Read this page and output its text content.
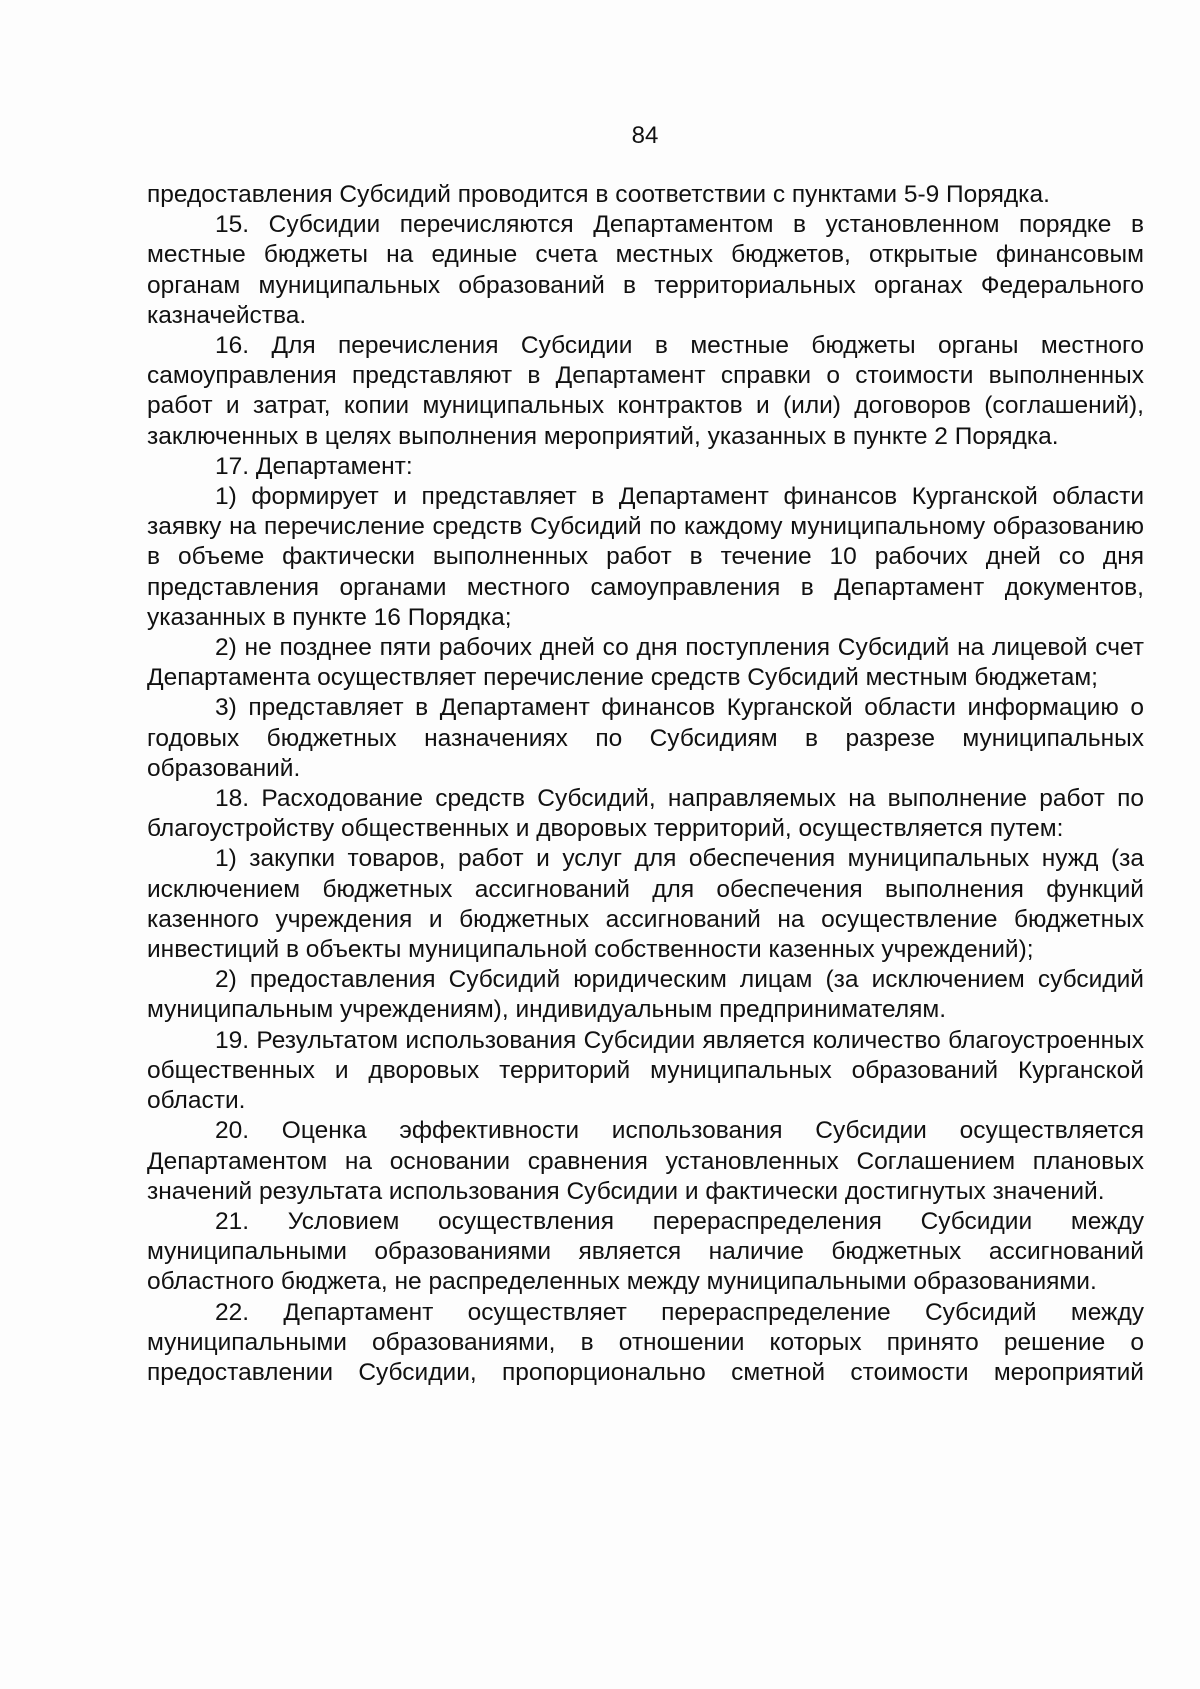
84

предоставления Субсидий проводится в соответствии с пунктами 5-9 Порядка.

15. Субсидии перечисляются Департаментом в установленном порядке в местные бюджеты на единые счета местных бюджетов, открытые финансовым органам муниципальных образований в территориальных органах Федерального казначейства.

16. Для перечисления Субсидии в местные бюджеты органы местного самоуправления представляют в Департамент справки о стоимости выполненных работ и затрат, копии муниципальных контрактов и (или) договоров (соглашений), заключенных в целях выполнения мероприятий, указанных в пункте 2 Порядка.

17. Департамент:

1) формирует и представляет в Департамент финансов Курганской области заявку на перечисление средств Субсидий по каждому муниципальному образованию в объеме фактически выполненных работ в течение 10 рабочих дней со дня представления органами местного самоуправления в Департамент документов, указанных в пункте 16 Порядка;

2) не позднее пяти рабочих дней со дня поступления Субсидий на лицевой счет Департамента осуществляет перечисление средств Субсидий местным бюджетам;

3) представляет в Департамент финансов Курганской области информацию о годовых бюджетных назначениях по Субсидиям в разрезе муниципальных образований.

18. Расходование средств Субсидий, направляемых на выполнение работ по благоустройству общественных и дворовых территорий, осуществляется путем:

1) закупки товаров, работ и услуг для обеспечения муниципальных нужд (за исключением бюджетных ассигнований для обеспечения выполнения функций казенного учреждения и бюджетных ассигнований на осуществление бюджетных инвестиций в объекты муниципальной собственности казенных учреждений);

2) предоставления Субсидий юридическим лицам (за исключением субсидий муниципальным учреждениям), индивидуальным предпринимателям.

19. Результатом использования Субсидии является количество благоустроенных общественных и дворовых территорий муниципальных образований Курганской области.

20. Оценка эффективности использования Субсидии осуществляется Департаментом на основании сравнения установленных Соглашением плановых значений результата использования Субсидии и фактически достигнутых значений.

21. Условием осуществления перераспределения Субсидии между муниципальными образованиями является наличие бюджетных ассигнований областного бюджета, не распределенных между муниципальными образованиями.

22. Департамент осуществляет перераспределение Субсидий между муниципальными образованиями, в отношении которых принято решение о предоставлении Субсидии, пропорционально сметной стоимости мероприятий
